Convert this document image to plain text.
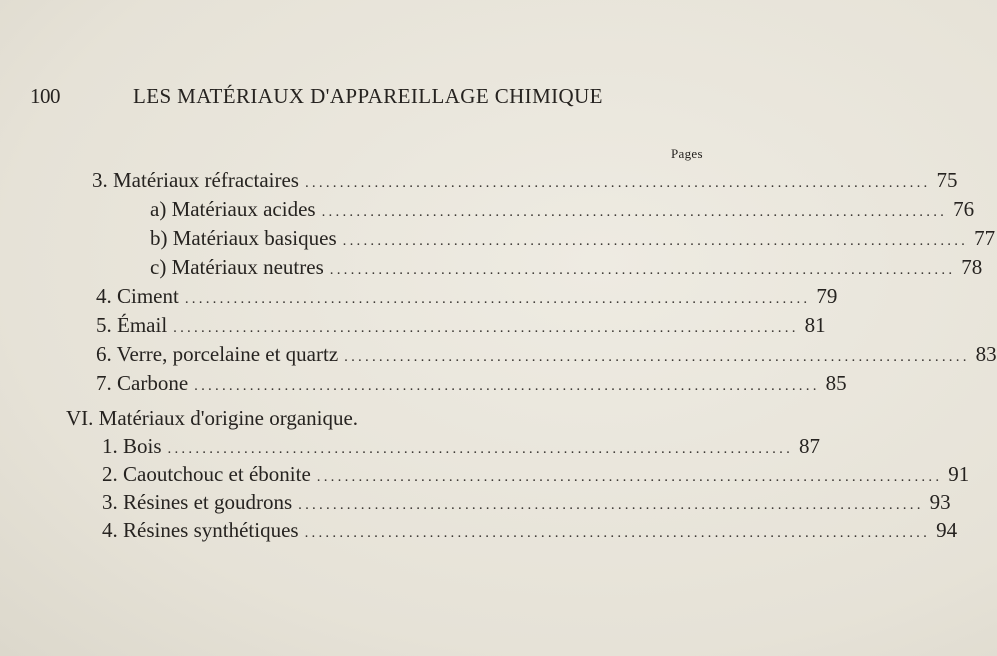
100	LES MATÉRIAUX D'APPAREILLAGE CHIMIQUE
Pages
3. Matériaux réfractaires .......................................................................................... 75
a) Matériaux acides .......................................................................................... 76
b) Matériaux basiques .......................................................................................... 77
c) Matériaux neutres .......................................................................................... 78
4. Ciment .......................................................................................... 79
5. Émail .......................................................................................... 81
6. Verre, porcelaine et quartz .......................................................................................... 83
7. Carbone .......................................................................................... 85
VI. Matériaux d'origine organique.
1. Bois .......................................................................................... 87
2. Caoutchouc et ébonite .......................................................................................... 91
3. Résines et goudrons .......................................................................................... 93
4. Résines synthétiques .......................................................................................... 94
